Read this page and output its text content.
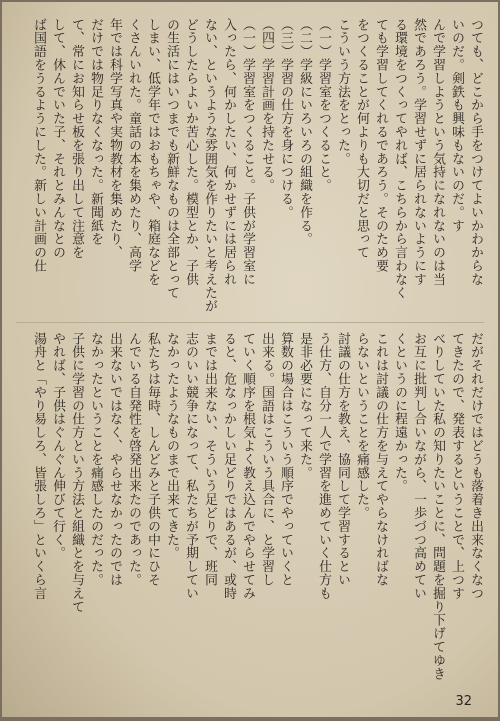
つても、どこから手をつけてよいかわからな
いのだ。剣鉄も興味もないのだ。す
んで学習しようという気持になれないのは当
然であろう。学習せずに居られないようにす
る環境をつくってやれば、こちらから言わなく
ても学習してくれるであろう。そのため要
をつくることが何よりも大切だと思って
こういう方法をとった。
（一）学習室をつくること。
（二）学級にいろいろの組織を作る。
（三）学習の仕方を身につける。
（四）学習計画を持たせる。
（一）学習室をつくること。子供が学習室に
入ったら、何かしたい、何かせずには居られ
ない、というような雰囲気を作りたいと考えたが
どうしたらよいか苦心した。模型とか、子供
の生活にはいつまでも新鮮なものは全部とって
しまい、低学年ではおもちゃや、箱庭などを
くさんいれた。童話の本を集めたり、高学
年では科学写真や実物教材を集めたり、
だけでは物足りなくなった。新聞紙を
て、常にお知らせ板を張り出して注意を
して、休んでいた子、それとみんなとの
ば国語をうるようにした。新しい計画の仕
だがそれだけではどうも落着き出来なくなつ
てきたので、発表するということで、上つす
べりしていた私の知りたいことに、問題を掘り下げてゆき
お互に批判し合いながら、一歩づつ高めてい
くというのに程遠かった。
これは討議の仕方を与えてやらなければな
らないということを痛感した。
討議の仕方を教え、協同して学習するとい
う仕方、自分一人で学習を進めていく仕方も
是非必要になって来た。
算数の場合はこういう順序でやっていくと
出来る。国語はこういう具合に、と学習し
ていく順序を根気よく教え込んでやらせてみ
ると、危なっかしい足どりではあるが、或時
までは出来ない、そういう足どりで、班同
志のいい競争になって、私たちが予期してい
なかったようなものまで出来てきた。
私たちは毎時、しんどみと子供の中にひそ
んでいる自発性を啓発出来たのであった。
出来ないではなく、やらせなかったのでは
なかったということを痛感したのだった。
子供に学習の仕方という方法と組織とを与えて
やれば、子供はぐんぐん伸びて行く。
湯舟と「やり易しろ、皆張しろ」といくら言
32
